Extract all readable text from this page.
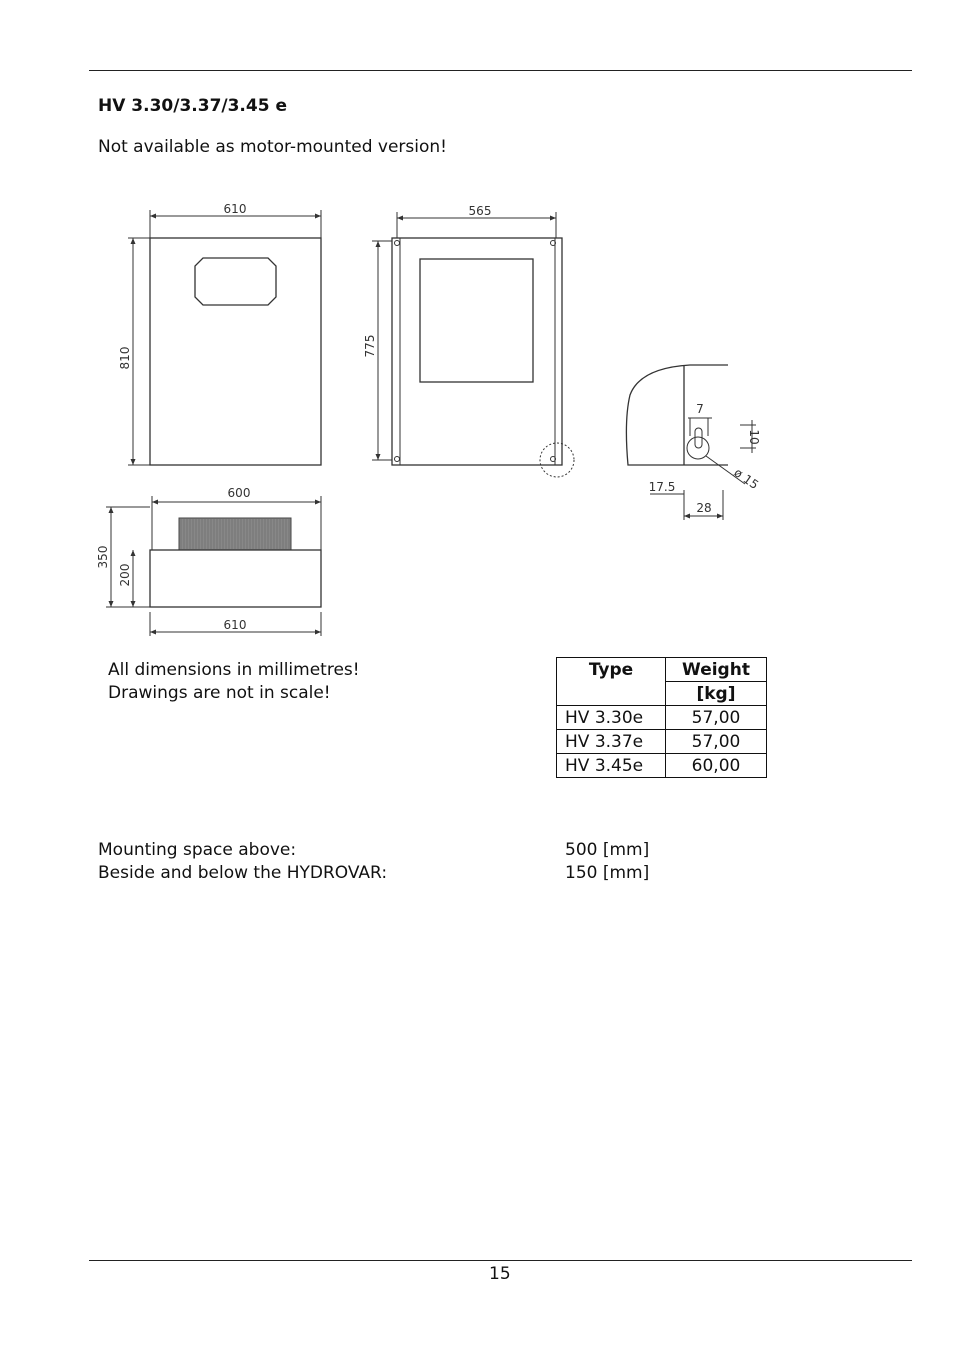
HV 3.30/3.37/3.45 e
Not available as motor-mounted version!
610
810
565
775
7
10
ø 15
17.5
28
600
610
350
200
All dimensions in millimetres!
Drawings are not in scale!
Type	Weight
	[kg]
HV 3.30e	57,00
HV 3.37e	57,00
HV 3.45e	60,00
Mounting space above:	500 [mm]
Beside and below the HYDROVAR:	150 [mm]
15
